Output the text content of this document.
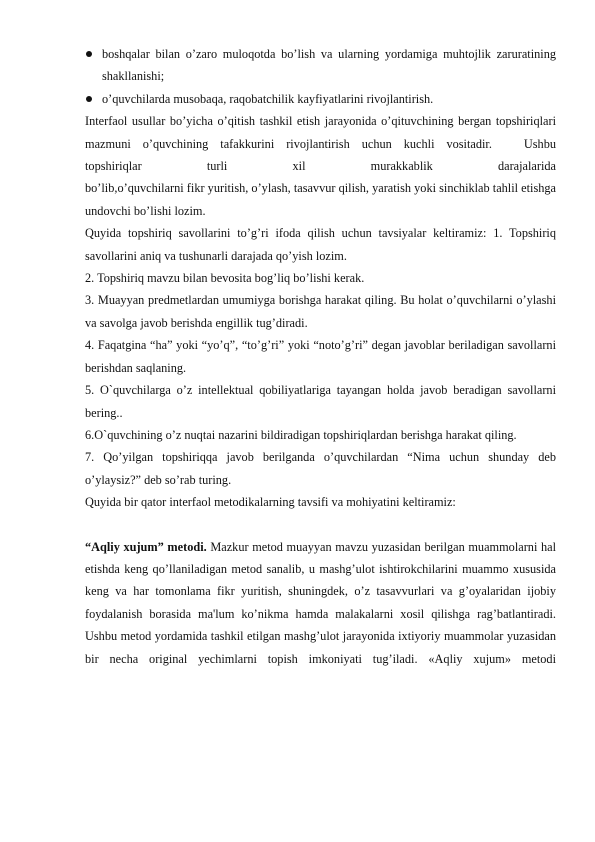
boshqalar bilan o’zaro muloqotda bo’lish va ularning yordamiga muhtojlik zaruratining shakllanishi;
o’quvchilarda musobaqa, raqobatchilik kayfiyatlarini rivojlantirish.
Interfaol usullar bo’yicha o’qitish tashkil etish jarayonida o’qituvchining bergan topshiriqlari mazmuni o’quvchining tafakkurini rivojlantirish uchun kuchli vositadir.	Ushbu topshiriqlar turli xil murakkablik darajalarida
bo’lib,o’quvchilarni fikr yuritish, o’ylash, tasavvur qilish, yaratish yoki sinchiklab tahlil etishga undovchi bo’lishi lozim.
Quyida topshiriq savollarini to’g’ri ifoda qilish uchun tavsiyalar keltiramiz: 1. Topshiriq savollarini aniq va tushunarli darajada qo’yish lozim.
2. Topshiriq mavzu bilan bevosita bog’liq bo’lishi kerak.
3. Muayyan predmetlardan umumiyga borishga harakat qiling. Bu holat o’quvchilarni o’ylashi va savolga javob berishda engillik tug’diradi.
4. Faqatgina “ha” yoki “yo’q”, “to’g’ri” yoki “noto’g’ri” degan javoblar beriladigan savollarni berishdan saqlaning.
5. O`quvchilarga o’z intellektual qobiliyatlariga tayangan holda javob beradigan savollarni bering..
6.O`quvchining o’z nuqtai nazarini bildiradigan topshiriqlardan berishga harakat qiling.
7. Qo’yilgan topshiriqqa javob berilganda o’quvchilardan “Nima uchun shunday deb o’ylaysiz?” deb so’rab turing.
Quyida bir qator interfaol metodikalarning tavsifi va mohiyatini keltiramiz:
“Aqliy xujum” metodi. Mazkur metod muayyan mavzu yuzasidan berilgan muammolarni hal etishda keng qo’llaniladigan metod sanalib, u mashg’ulot ishtirokchilarini muammo xususida keng va har tomonlama fikr yuritish, shuningdek, o’z tasavvurlari va g’oyalaridan ijobiy foydalanish borasida ma'lum ko’nikma hamda malakalarni xosil qilishga rag’batlantiradi. Ushbu metod yordamida tashkil etilgan mashg’ulot jarayonida ixtiyoriy muammolar yuzasidan bir necha original yechimlarni topish imkoniyati tug’iladi. «Aqliy xujum» metodi
